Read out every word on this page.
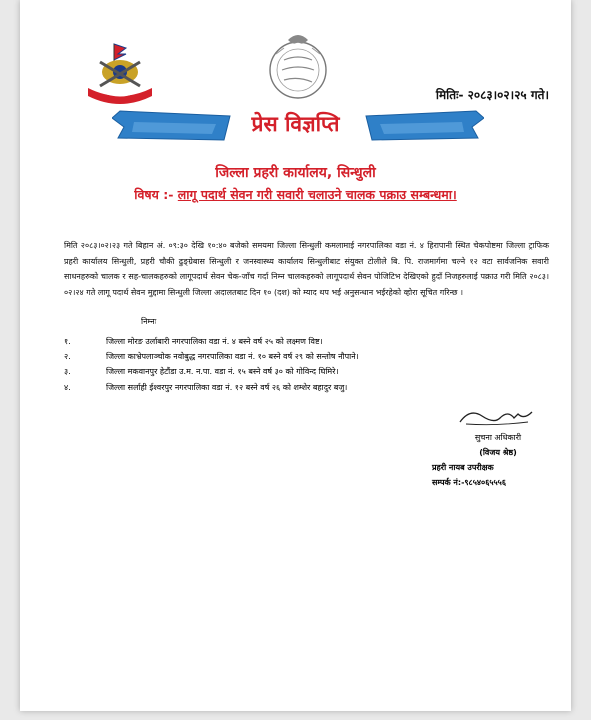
मितिः- २०८३।०२।२५ गते।
प्रेस विज्ञप्ति
जिल्ला प्रहरी कार्यालय, सिन्धुली
विषय :- लागू पदार्थ सेवन गरी सवारी चलाउने चालक पक्राउ सम्बन्धमा।

मिति २०८३।०२।२३ गते बिहान अं. ०९:३० देखि १०:४० बजेको समयमा जिल्ला सिन्धुली कमलामाई नगरपालिका वडा नं. ४ हिरापानी स्थित चेकपोष्टमा जिल्ला ट्राफिक प्रहरी कार्यालय सिन्धुली, प्रहरी चौकी ढुङ्ग्रेबास सिन्धुली र जनस्वास्थ्य कार्यालय सिन्धुलीबाट संयुक्त टोलीले बि. पि. राजमार्गमा चल्ने १२ वटा सार्वजनिक सवारी साधनहरुको चालक र सह-चालकहरुको लागूपदार्थ सेवन चेक-जाँच गर्दा निम्न चालकहरुको लागूपदार्थ सेवन पोजिटिभ देखिएको हुदाँ निजहरुलाई पक्राउ गरी मिति २०८३।०२।२४ गते लागू पदार्थ सेवन मुद्दामा सिन्धुली जिल्ला अदालतबाट दिन १० (दश) को म्याद थप भई अनुसन्धान भईरहेको व्होरा सूचित गरिन्छ ।

निम्नः
१.	जिल्ला मोरङ उर्लाबारी नगरपालिका वडा नं. ४ बस्ने वर्ष २५ को लक्ष्मण विष्ट।
२.	जिल्ला काभ्रेपलाञ्चोक नवोबुद्ध नगरपालिका वडा नं. १० बस्ने वर्ष २९ को सन्तोष नौपाने।
३.	जिल्ला मकवानपुर हेटौंडा उ.म. न.पा. वडा नं. १५ बस्ने वर्ष ३० को गोविन्द घिमिरे।
४.	जिल्ला सर्लाही ईश्वरपुर नगरपालिका वडा नं. १२ बस्ने वर्ष २६ को शम्शेर बहादुर बजु।
सुचना अधिकारी
(विजय श्रेष्ठ)
प्रहरी नायब उपरीक्षक
सम्पर्क नं:-९८५४०६५५५६
